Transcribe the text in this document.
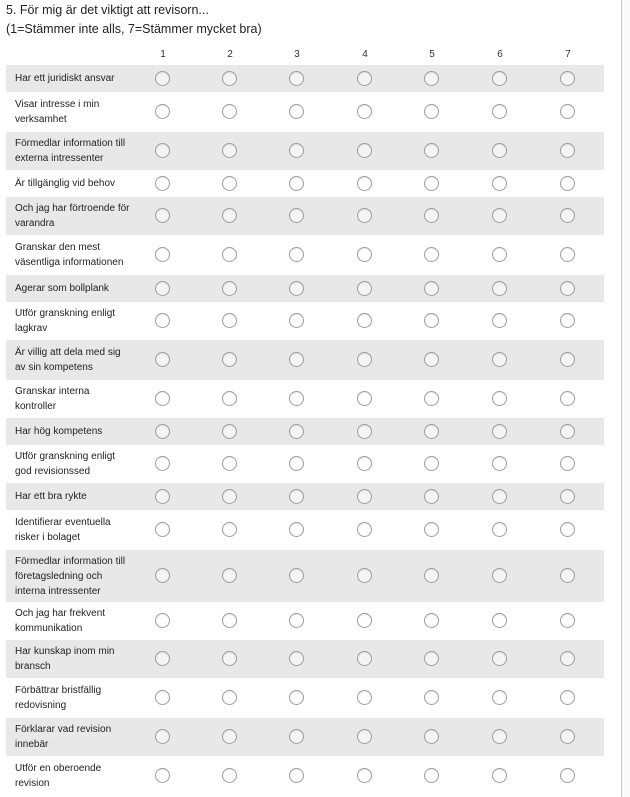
5. För mig är det viktigt att revisorn...
(1=Stämmer inte alls, 7=Stämmer mycket bra)
1	2	3	4	5	6	7
Har ett juridiskt ansvar
Visar intresse i min verksamhet
Förmedlar information till externa intressenter
Är tillgänglig vid behov
Och jag har förtroende för varandra
Granskar den mest väsentliga informationen
Agerar som bollplank
Utför granskning enligt lagkrav
Är villig att dela med sig av sin kompetens
Granskar interna kontroller
Har hög kompetens
Utför granskning enligt god revisionssed
Har ett bra rykte
Identifierar eventuella risker i bolaget
Förmedlar information till företagsledning och interna intressenter
Och jag har frekvent kommunikation
Har kunskap inom min bransch
Förbättrar bristfällig redovisning
Förklarar vad revision innebär
Utför en oberoende revision
